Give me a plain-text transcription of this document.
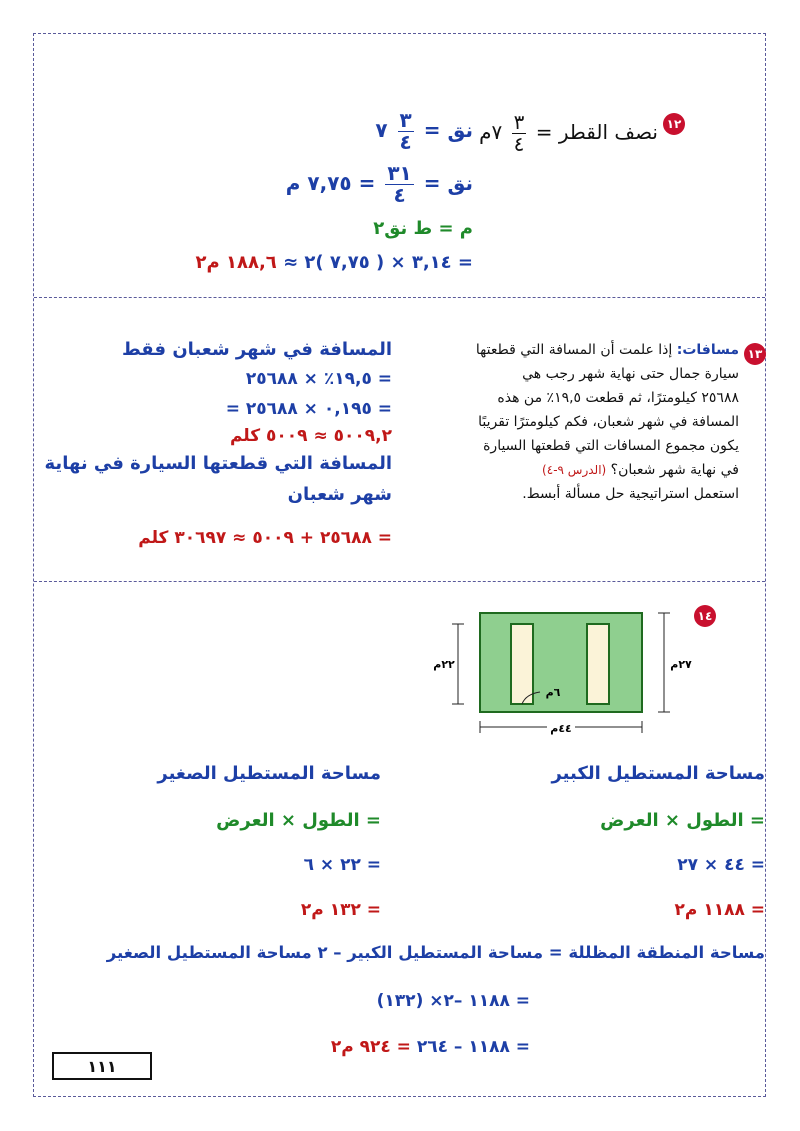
١٢
نصف القطر =
$\frac{٣}{٤}$
٧م
نق =
$\frac{٣}{٤}$
٧
نق =
$\frac{٣١}{٤}$
= ٧,٧٥ م
م = ط نق٢
= ٣,١٤ × ( ٧,٧٥ )٢ ≈ ١٨٨,٦ م٢
١٣
مسافات: إذا علمت أن المسافة التي قطعتها
سيارة جمال حتى نهاية شهر رجب هي
٢٥٦٨٨ كيلومترًا، ثم قطعت ١٩,٥٪ من هذه
المسافة في شهر شعبان، فكم كيلومترًا تقريبًا
يكون مجموع المسافات التي قطعتها السيارة
في نهاية شهر شعبان؟ (الدرس ٩-٤)
استعمل استراتيجية حل مسألة أبسط.
المسافة في شهر شعبان فقط
= ١٩,٥٪ × ٢٥٦٨٨
= ٠,١٩٥ × ٢٥٦٨٨ =
٥٠٠٩,٢ ≈ ٥٠٠٩ كلم
المسافة التي قطعتها السيارة في نهاية
شهر شعبان
= ٢٥٦٨٨ + ٥٠٠٩ ≈ ٣٠٦٩٧ كلم
١٤
٢٢م	٢٧م
٤٤م
٦م
مساحة المستطيل الكبير
= الطول × العرض
= ٤٤ × ٢٧
= ١١٨٨ م٢
مساحة المستطيل الصغير
= الطول × العرض
= ٢٢ × ٦
= ١٣٢ م٢
مساحة المنطقة المظللة = مساحة المستطيل الكبير – ٢ مساحة المستطيل الصغير
= ١١٨٨ –٢× (١٣٢)
= ١١٨٨ – ٢٦٤ = ٩٢٤ م٢
١١١
